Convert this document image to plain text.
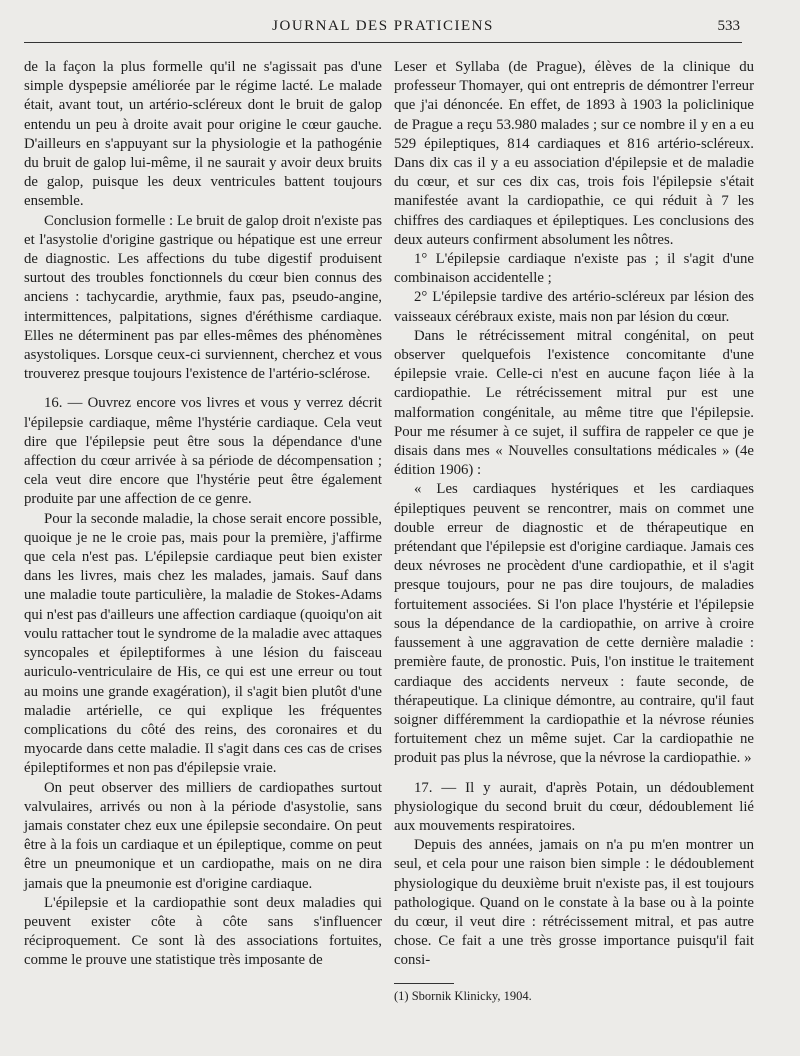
JOURNAL DES PRATICIENS	533

de la façon la plus formelle qu'il ne s'agissait pas d'une simple dyspepsie améliorée par le régime lacté. Le malade était, avant tout, un artério-scléreux dont le bruit de galop entendu un peu à droite avait pour origine le cœur gauche. D'ailleurs en s'appuyant sur la physiologie et la pathogénie du bruit de galop lui-même, il ne saurait y avoir deux bruits de galop, puisque les deux ventricules battent toujours ensemble.

Conclusion formelle : Le bruit de galop droit n'existe pas et l'asystolie d'origine gastrique ou hépatique est une erreur de diagnostic. Les affections du tube digestif produisent surtout des troubles fonctionnels du cœur bien connus des anciens : tachycardie, arythmie, faux pas, pseudo-angine, intermittences, palpitations, signes d'éréthisme cardiaque. Elles ne déterminent pas par elles-mêmes des phénomènes asystoliques. Lorsque ceux-ci surviennent, cherchez et vous trouverez presque toujours l'existence de l'artério-sclérose.

16. — Ouvrez encore vos livres et vous y verrez décrit l'épilepsie cardiaque, même l'hystérie cardiaque. Cela veut dire que l'épilepsie peut être sous la dépendance d'une affection du cœur arrivée à sa période de décompensation ; cela veut dire encore que l'hystérie peut être également produite par une affection de ce genre.

Pour la seconde maladie, la chose serait encore possible, quoique je ne le croie pas, mais pour la première, j'affirme que cela n'est pas. L'épilepsie cardiaque peut bien exister dans les livres, mais chez les malades, jamais. Sauf dans une maladie toute particulière, la maladie de Stokes-Adams qui n'est pas d'ailleurs une affection cardiaque (quoiqu'on ait voulu rattacher tout le syndrome de la maladie avec attaques syncopales et épileptiformes à une lésion du faisceau auriculo-ventriculaire de His, ce qui est une erreur ou tout au moins une grande exagération), il s'agit bien plutôt d'une maladie artérielle, ce qui explique les fréquentes complications du côté des reins, des coronaires et du myocarde dans cette maladie. Il s'agit dans ces cas de crises épileptiformes et non pas d'épilepsie vraie.

On peut observer des milliers de cardiopathes surtout valvulaires, arrivés ou non à la période d'asystolie, sans jamais constater chez eux une épilepsie secondaire. On peut être à la fois un cardiaque et un épileptique, comme on peut être un pneumonique et un cardiopathe, mais on ne dira jamais que la pneumonie est d'origine cardiaque.

L'épilepsie et la cardiopathie sont deux maladies qui peuvent exister côte à côte sans s'influencer réciproquement. Ce sont là des associations fortuites, comme le prouve une statistique très imposante de

Leser et Syllaba (de Prague), élèves de la clinique du professeur Thomayer, qui ont entrepris de démontrer l'erreur que j'ai dénoncée. En effet, de 1893 à 1903 la policlinique de Prague a reçu 53.980 malades ; sur ce nombre il y en a eu 529 épileptiques, 814 cardiaques et 816 artério-scléreux. Dans dix cas il y a eu association d'épilepsie et de maladie du cœur, et sur ces dix cas, trois fois l'épilepsie s'était manifestée avant la cardiopathie, ce qui réduit à 7 les chiffres des cardiaques et épileptiques. Les conclusions des deux auteurs confirment absolument les nôtres.

1° L'épilepsie cardiaque n'existe pas ; il s'agit d'une combinaison accidentelle ;

2° L'épilepsie tardive des artério-scléreux par lésion des vaisseaux cérébraux existe, mais non par lésion du cœur.

Dans le rétrécissement mitral congénital, on peut observer quelquefois l'existence concomitante d'une épilepsie vraie. Celle-ci n'est en aucune façon liée à la cardiopathie. Le rétrécissement mitral pur est une malformation congénitale, au même titre que l'épilepsie. Pour me résumer à ce sujet, il suffira de rappeler ce que je disais dans mes « Nouvelles consultations médicales » (4e édition 1906) :

« Les cardiaques hystériques et les cardiaques épileptiques peuvent se rencontrer, mais on commet une double erreur de diagnostic et de thérapeutique en prétendant que l'épilepsie est d'origine cardiaque. Jamais ces deux névroses ne procèdent d'une cardiopathie, et il s'agit presque toujours, pour ne pas dire toujours, de maladies fortuitement associées. Si l'on place l'hystérie et l'épilepsie sous la dépendance de la cardiopathie, on arrive à croire faussement à une aggravation de cette dernière maladie : première faute, de pronostic. Puis, l'on institue le traitement cardiaque des accidents nerveux : faute seconde, de thérapeutique. La clinique démontre, au contraire, qu'il faut soigner différemment la cardiopathie et la névrose réunies fortuitement chez un même sujet. Car la cardiopathie ne produit pas plus la névrose, que la névrose la cardiopathie. »

17. — Il y aurait, d'après Potain, un dédoublement physiologique du second bruit du cœur, dédoublement lié aux mouvements respiratoires.

Depuis des années, jamais on n'a pu m'en montrer un seul, et cela pour une raison bien simple : le dédoublement physiologique du deuxième bruit n'existe pas, il est toujours pathologique. Quand on le constate à la base ou à la pointe du cœur, il veut dire : rétrécissement mitral, et pas autre chose. Ce fait a une très grosse importance puisqu'il fait consi-

(1) Sbornik Klinicky, 1904.
